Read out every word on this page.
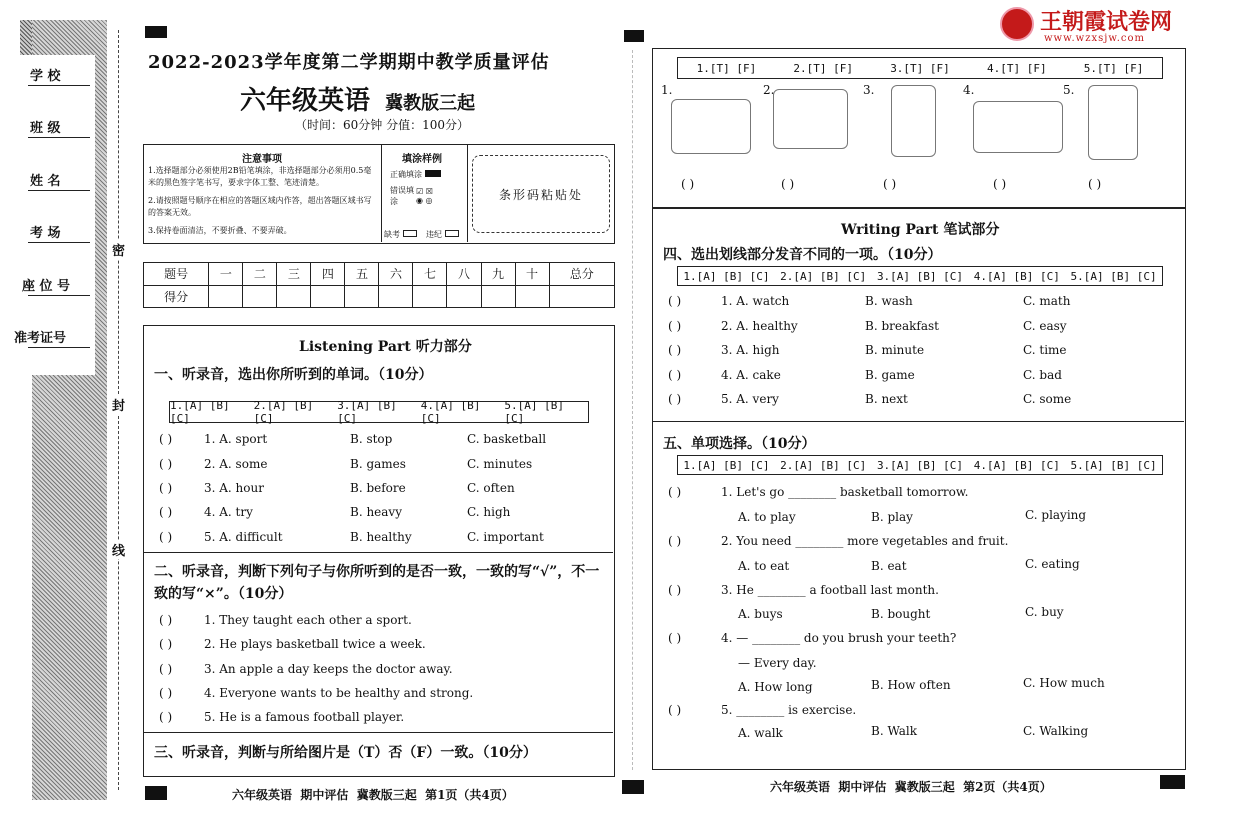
学 校
班 级
姓 名
考 场
座 位 号
准考证号
密
封
线
王朝霞试卷网
www.wzxsjw.com
2022-2023学年度第二学期期中教学质量评估
六年级英语 冀教版三起
（时间：60分钟 分值：100分）
注意事项
1.选择题部分必须使用2B铅笔填涂，非选择题部分必须用0.5毫米的黑色签字笔书写，要求字体工整、笔迹清楚。
2.请按照题号顺序在相应的答题区域内作答，超出答题区域书写的答案无效。
3.保持卷面清洁，不要折叠、不要弄破。
填涂样例
正确填涂
错误填涂
☑ ☒
◉ ◎
缺考	违纪
条形码粘贴处
题号	一	二	三	四	五	六	七	八	九	十	总分
得分											
Listening Part 听力部分
一、听录音，选出你所听到的单词。（10分）
1.[A] [B] [C]
2.[A] [B] [C]
3.[A] [B] [C]
4.[A] [B] [C]
5.[A] [B] [C]
( )	1. A. sport	B. stop	C. basketball
( )	2. A. some	B. games	C. minutes
( )	3. A. hour	B. before	C. often
( )	4. A. try	B. heavy	C. high
( )	5. A. difficult	B. healthy	C. important
二、听录音，判断下列句子与你所听到的是否一致，一致的写“√”，不一致的写“×”。（10分）
( )	1. They taught each other a sport.
( )	2. He plays basketball twice a week.
( )	3. An apple a day keeps the doctor away.
( )	4. Everyone wants to be healthy and strong.
( )	5. He is a famous football player.
三、听录音，判断与所给图片是（T）否（F）一致。（10分）
六年级英语  期中评估  冀教版三起  第1页（共4页）
1.[T] [F]	2.[T] [F]	3.[T] [F]	4.[T] [F]	5.[T] [F]
1.	2.	3.	4.	5.
( )	( )	( )	( )	( )
Writing Part 笔试部分
四、选出划线部分发音不同的一项。（10分）
1.[A] [B] [C] 2.[A] [B] [C] 3.[A] [B] [C] 4.[A] [B] [C] 5.[A] [B] [C]
( )	1. A. watch	B. wash	C. math
( )	2. A. healthy	B. breakfast	C. easy
( )	3. A. high	B. minute	C. time
( )	4. A. cake	B. game	C. bad
( )	5. A. very	B. next	C. some
五、单项选择。（10分）
1.[A] [B] [C] 2.[A] [B] [C] 3.[A] [B] [C] 4.[A] [B] [C] 5.[A] [B] [C]
( )	1. Let's go ________ basketball tomorrow.
A. to play	B. play	C. playing
( )	2. You need ________ more vegetables and fruit.
A. to eat	B. eat	C. eating
( )	3. He ________ a football last month.
A. buys	B. bought	C. buy
( )	4. — ________ do you brush your teeth?
— Every day.
A. How long	B. How often	C. How much
( )	5. ________ is exercise.
A. walk	B. Walk	C. Walking
六年级英语  期中评估  冀教版三起  第2页（共4页）
